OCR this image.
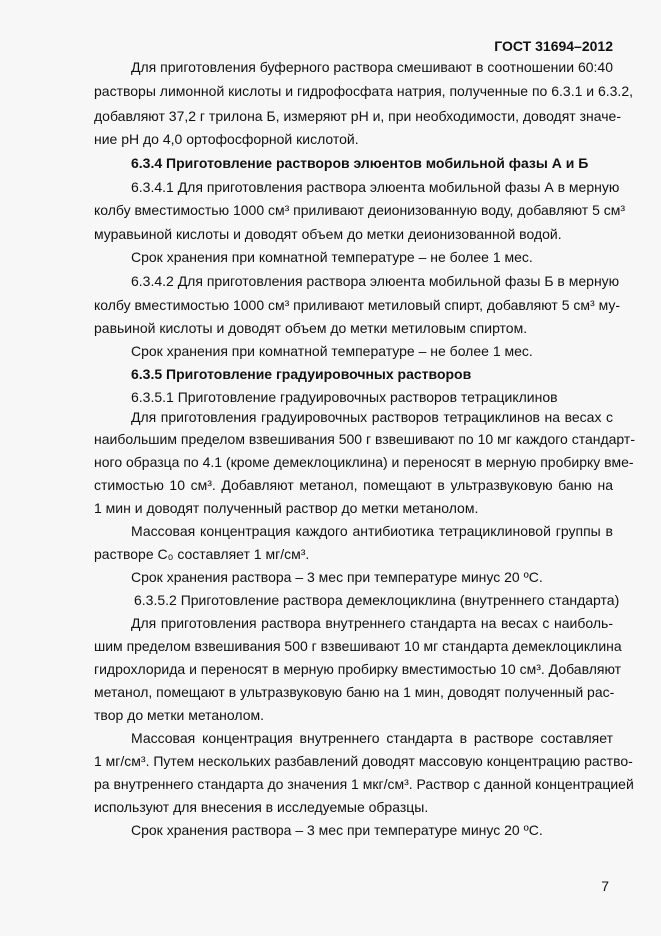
ГОСТ 31694–2012
Для приготовления буферного раствора смешивают в соотношении 60:40
растворы лимонной кислоты и гидрофосфата натрия, полученные по 6.3.1 и 6.3.2,
добавляют 37,2 г трилона Б, измеряют pH и, при необходимости, доводят значе-
ние pH до 4,0 ортофосфорной кислотой.
6.3.4 Приготовление растворов элюентов мобильной фазы А и Б
6.3.4.1 Для приготовления раствора элюента мобильной фазы А в мерную
колбу вместимостью 1000 см³ приливают деионизованную воду, добавляют 5 см³
муравьиной кислоты и доводят объем до метки деионизованной водой.
Cрок хранения при комнатной температуре – не более 1 мес.
6.3.4.2 Для приготовления раствора элюента мобильной фазы Б в мерную
колбу вместимостью 1000 см³ приливают метиловый спирт, добавляют 5 см³ му-
равьиной кислоты и доводят объем до метки метиловым спиртом.
Срок хранения при комнатной температуре – не более 1 мес.
6.3.5 Приготовление градуировочных растворов
6.3.5.1 Приготовление градуировочных растворов тетрациклинов
Для приготовления градуировочных растворов тетрациклинов на весах с
наибольшим пределом взвешивания 500 г взвешивают по 10 мг каждого стандарт-
ного образца по 4.1 (кроме демеклоциклина) и переносят в мерную пробирку вме-
стимостью 10 см³. Добавляют метанол, помещают в ультразвуковую баню на
1 мин и доводят полученный раствор до метки метанолом.
Массовая концентрация каждого антибиотика тетрациклиновой группы в
растворе C₀ составляет 1 мг/см³.
Срок хранения раствора – 3 мес при температуре минус 20 ºC.
6.3.5.2 Приготовление раствора демеклоциклина (внутреннего стандарта)
Для приготовления раствора внутреннего стандарта на весах с наиболь-
шим пределом взвешивания 500 г взвешивают 10 мг стандарта демеклоциклина
гидрохлорида и переносят в мерную пробирку вместимостью 10 см³. Добавляют
метанол, помещают в ультразвуковую баню на 1 мин, доводят полученный рас-
твор до метки метанолом.
Массовая концентрация внутреннего стандарта в растворе составляет
1 мг/см³. Путем нескольких разбавлений доводят массовую концентрацию раство-
ра внутреннего стандарта до значения 1 мкг/см³. Раствор с данной концентрацией
используют для внесения в исследуемые образцы.
Срок хранения раствора – 3 мес при температуре минус 20 ºC.
7
